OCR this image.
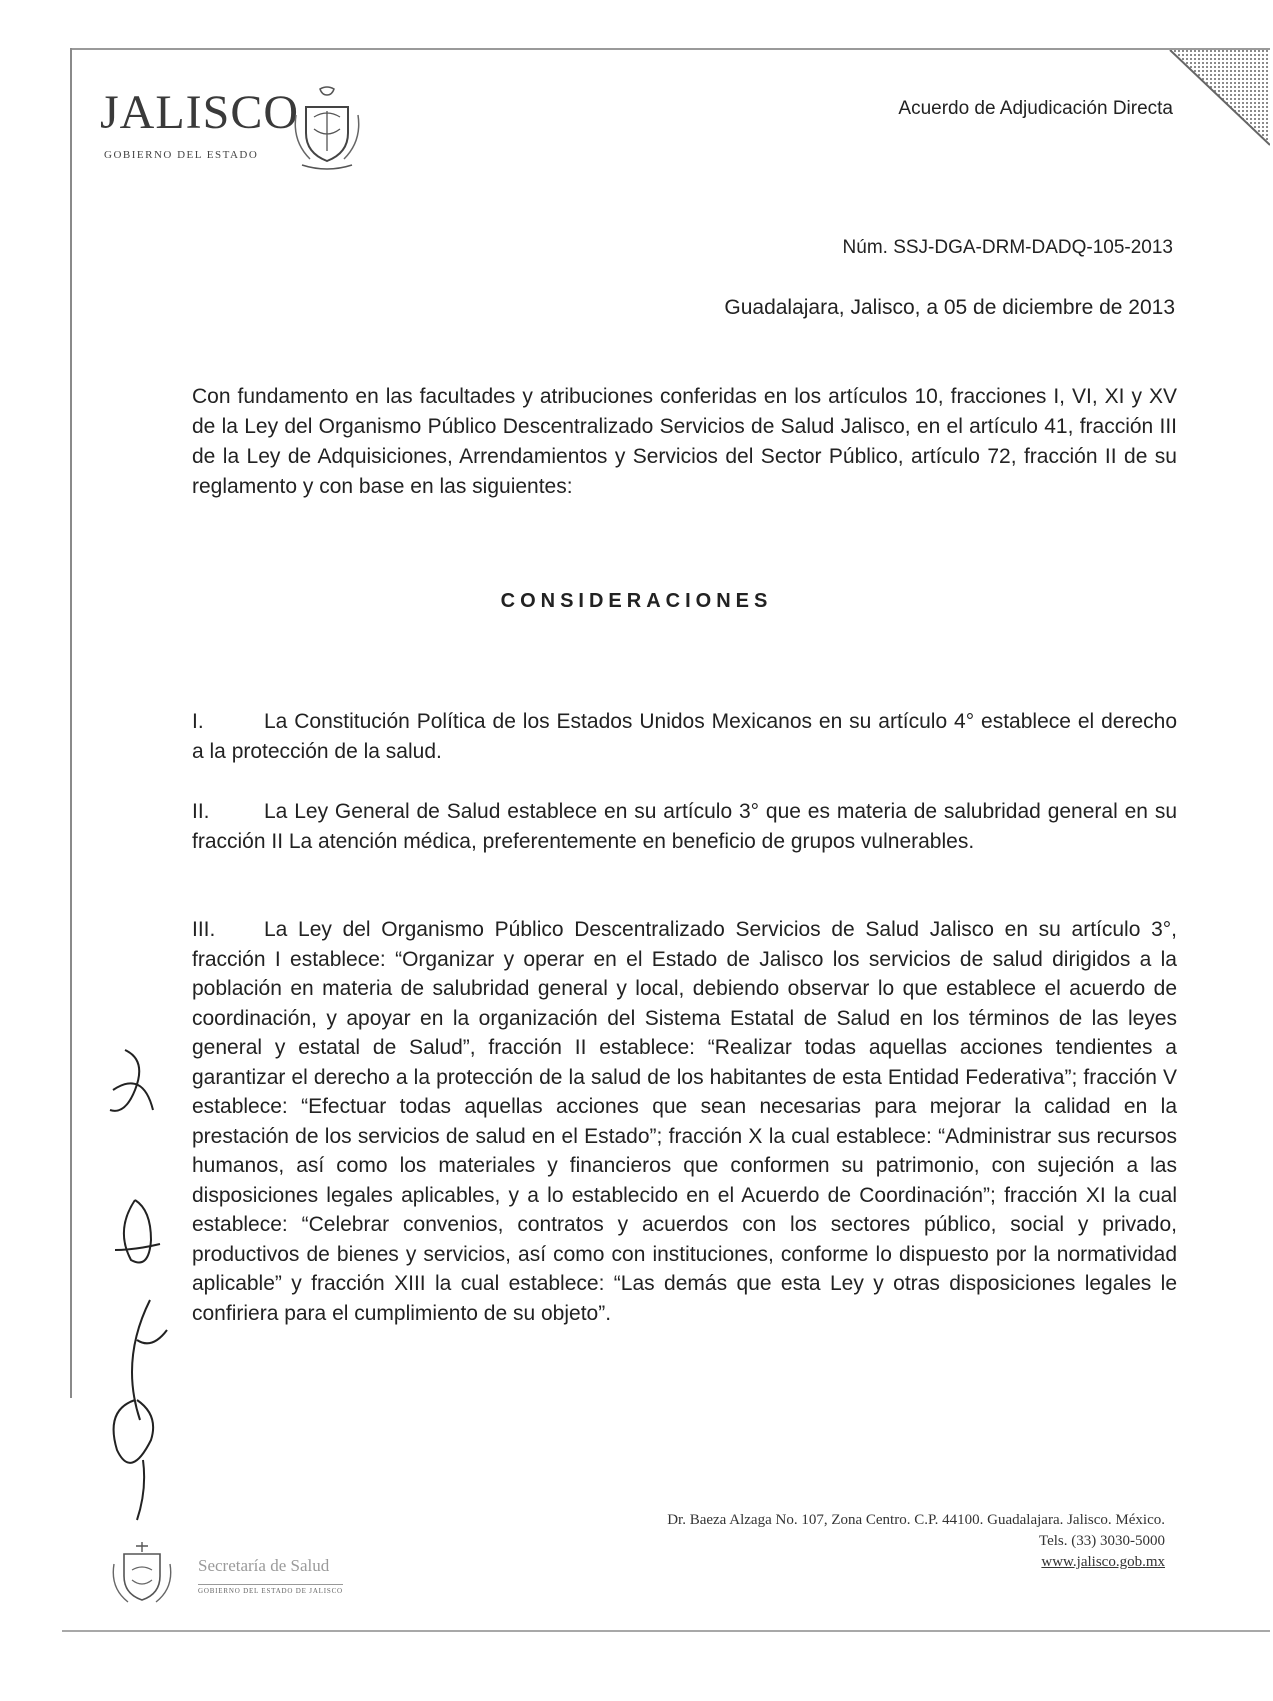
JALISCO
GOBIERNO DEL ESTADO
Acuerdo de Adjudicación Directa
Núm. SSJ-DGA-DRM-DADQ-105-2013
Guadalajara, Jalisco, a 05 de diciembre de 2013
Con fundamento en las facultades y atribuciones conferidas en los artículos 10, fracciones I, VI, XI y XV de la Ley del Organismo Público Descentralizado Servicios de Salud Jalisco, en el artículo 41, fracción III de la Ley de Adquisiciones, Arrendamientos y Servicios del Sector Público, artículo 72, fracción II de su reglamento y con base en las siguientes:
CONSIDERACIONES
I.	La Constitución Política de los Estados Unidos Mexicanos en su artículo 4° establece el derecho a la protección de la salud.
II.	La Ley General de Salud establece en su artículo 3° que es materia de salubridad general en su fracción II La atención médica, preferentemente en beneficio de grupos vulnerables.
III. La Ley del Organismo Público Descentralizado Servicios de Salud Jalisco en su artículo 3°, fracción I establece: “Organizar y operar en el Estado de Jalisco los servicios de salud dirigidos a la población en materia de salubridad general y local, debiendo observar lo que establece el acuerdo de coordinación, y apoyar en la organización del Sistema Estatal de Salud en los términos de las leyes general y estatal de Salud”, fracción II establece: “Realizar todas aquellas acciones tendientes a garantizar el derecho a la protección de la salud de los habitantes de esta Entidad Federativa”; fracción V establece: “Efectuar todas aquellas acciones que sean necesarias para mejorar la calidad en la prestación de los servicios de salud en el Estado”; fracción X la cual establece: “Administrar sus recursos humanos, así como los materiales y financieros que conformen su patrimonio, con sujeción a las disposiciones legales aplicables, y a lo establecido en el Acuerdo de Coordinación”; fracción XI la cual establece: “Celebrar convenios, contratos y acuerdos con los sectores público, social y privado, productivos de bienes y servicios, así como con instituciones, conforme lo dispuesto por la normatividad aplicable” y fracción XIII la cual establece: “Las demás que esta Ley y otras disposiciones legales le confiriera para el cumplimiento de su objeto”.
Secretaría de Salud
GOBIERNO DEL ESTADO DE JALISCO
Dr. Baeza Alzaga No. 107, Zona Centro. C.P. 44100. Guadalajara. Jalisco. México.
Tels. (33) 3030-5000
www.jalisco.gob.mx
